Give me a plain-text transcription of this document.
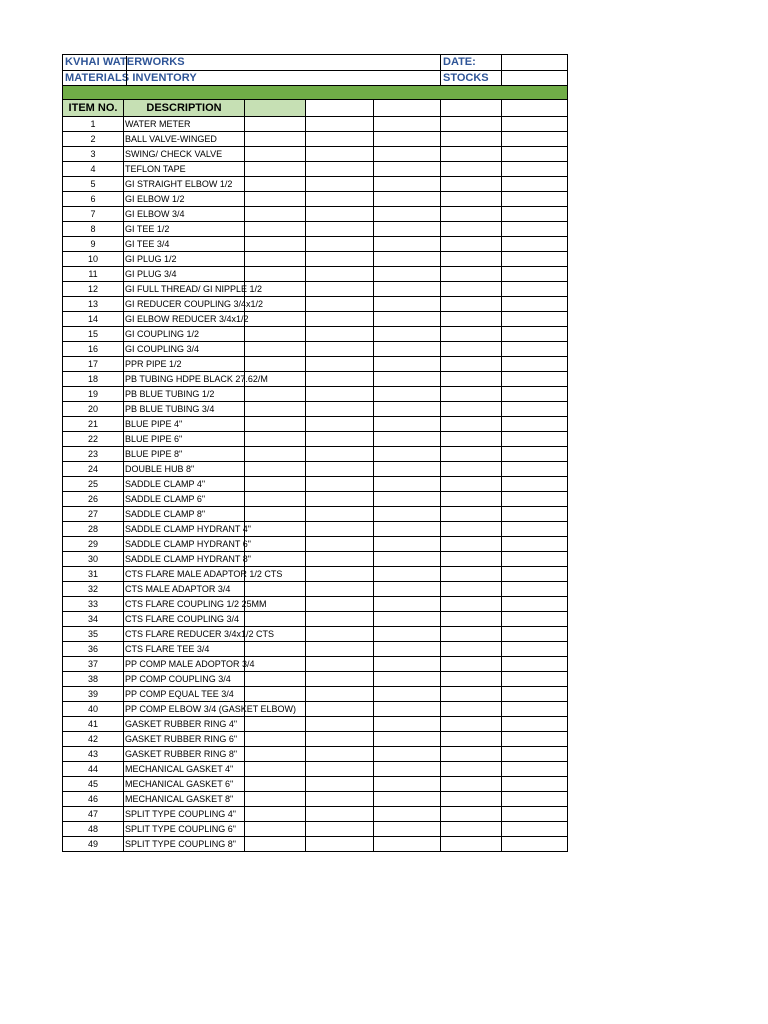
KVHAI WATERWORKS					DATE:	
MATERIALS INVENTORY					STOCKS	

ITEM NO.	DESCRIPTION					
1	WATER METER					
2	BALL VALVE-WINGED					
3	SWING/ CHECK VALVE					
4	TEFLON TAPE					
5	GI STRAIGHT ELBOW 1/2					
6	GI ELBOW 1/2					
7	GI ELBOW 3/4					
8	GI TEE 1/2					
9	GI TEE 3/4					
10	GI PLUG 1/2					
11	GI PLUG 3/4					
12	GI FULL THREAD/ GI NIPPLE 1/2					
13	GI REDUCER COUPLING 3/4x1/2					
14	GI ELBOW REDUCER 3/4x1/2					
15	GI COUPLING 1/2					
16	GI COUPLING 3/4					
17	PPR PIPE 1/2					
18	PB TUBING HDPE BLACK 27.62/M					
19	PB BLUE TUBING 1/2					
20	PB BLUE TUBING 3/4					
21	BLUE PIPE 4"					
22	BLUE PIPE 6"					
23	BLUE PIPE 8"					
24	DOUBLE HUB 8"					
25	SADDLE CLAMP 4"					
26	SADDLE CLAMP 6"					
27	SADDLE CLAMP 8"					
28	SADDLE CLAMP HYDRANT 4"					
29	SADDLE CLAMP HYDRANT 6"					
30	SADDLE CLAMP HYDRANT 8"					
31	CTS FLARE MALE ADAPTOR 1/2 CTS					
32	CTS MALE ADAPTOR 3/4					
33	CTS FLARE COUPLING 1/2 25MM					
34	CTS FLARE COUPLING 3/4					
35	CTS FLARE REDUCER 3/4x1/2 CTS					
36	CTS FLARE TEE 3/4					
37	PP COMP MALE ADOPTOR 3/4					
38	PP COMP COUPLING 3/4					
39	PP COMP EQUAL TEE 3/4					
40	PP COMP ELBOW 3/4 (GASKET ELBOW)					
41	GASKET RUBBER RING 4"					
42	GASKET RUBBER RING 6"					
43	GASKET RUBBER RING 8"					
44	MECHANICAL GASKET 4"					
45	MECHANICAL GASKET 6"					
46	MECHANICAL GASKET 8"					
47	SPLIT TYPE COUPLING 4"					
48	SPLIT TYPE COUPLING 6"					
49	SPLIT TYPE COUPLING 8"					
